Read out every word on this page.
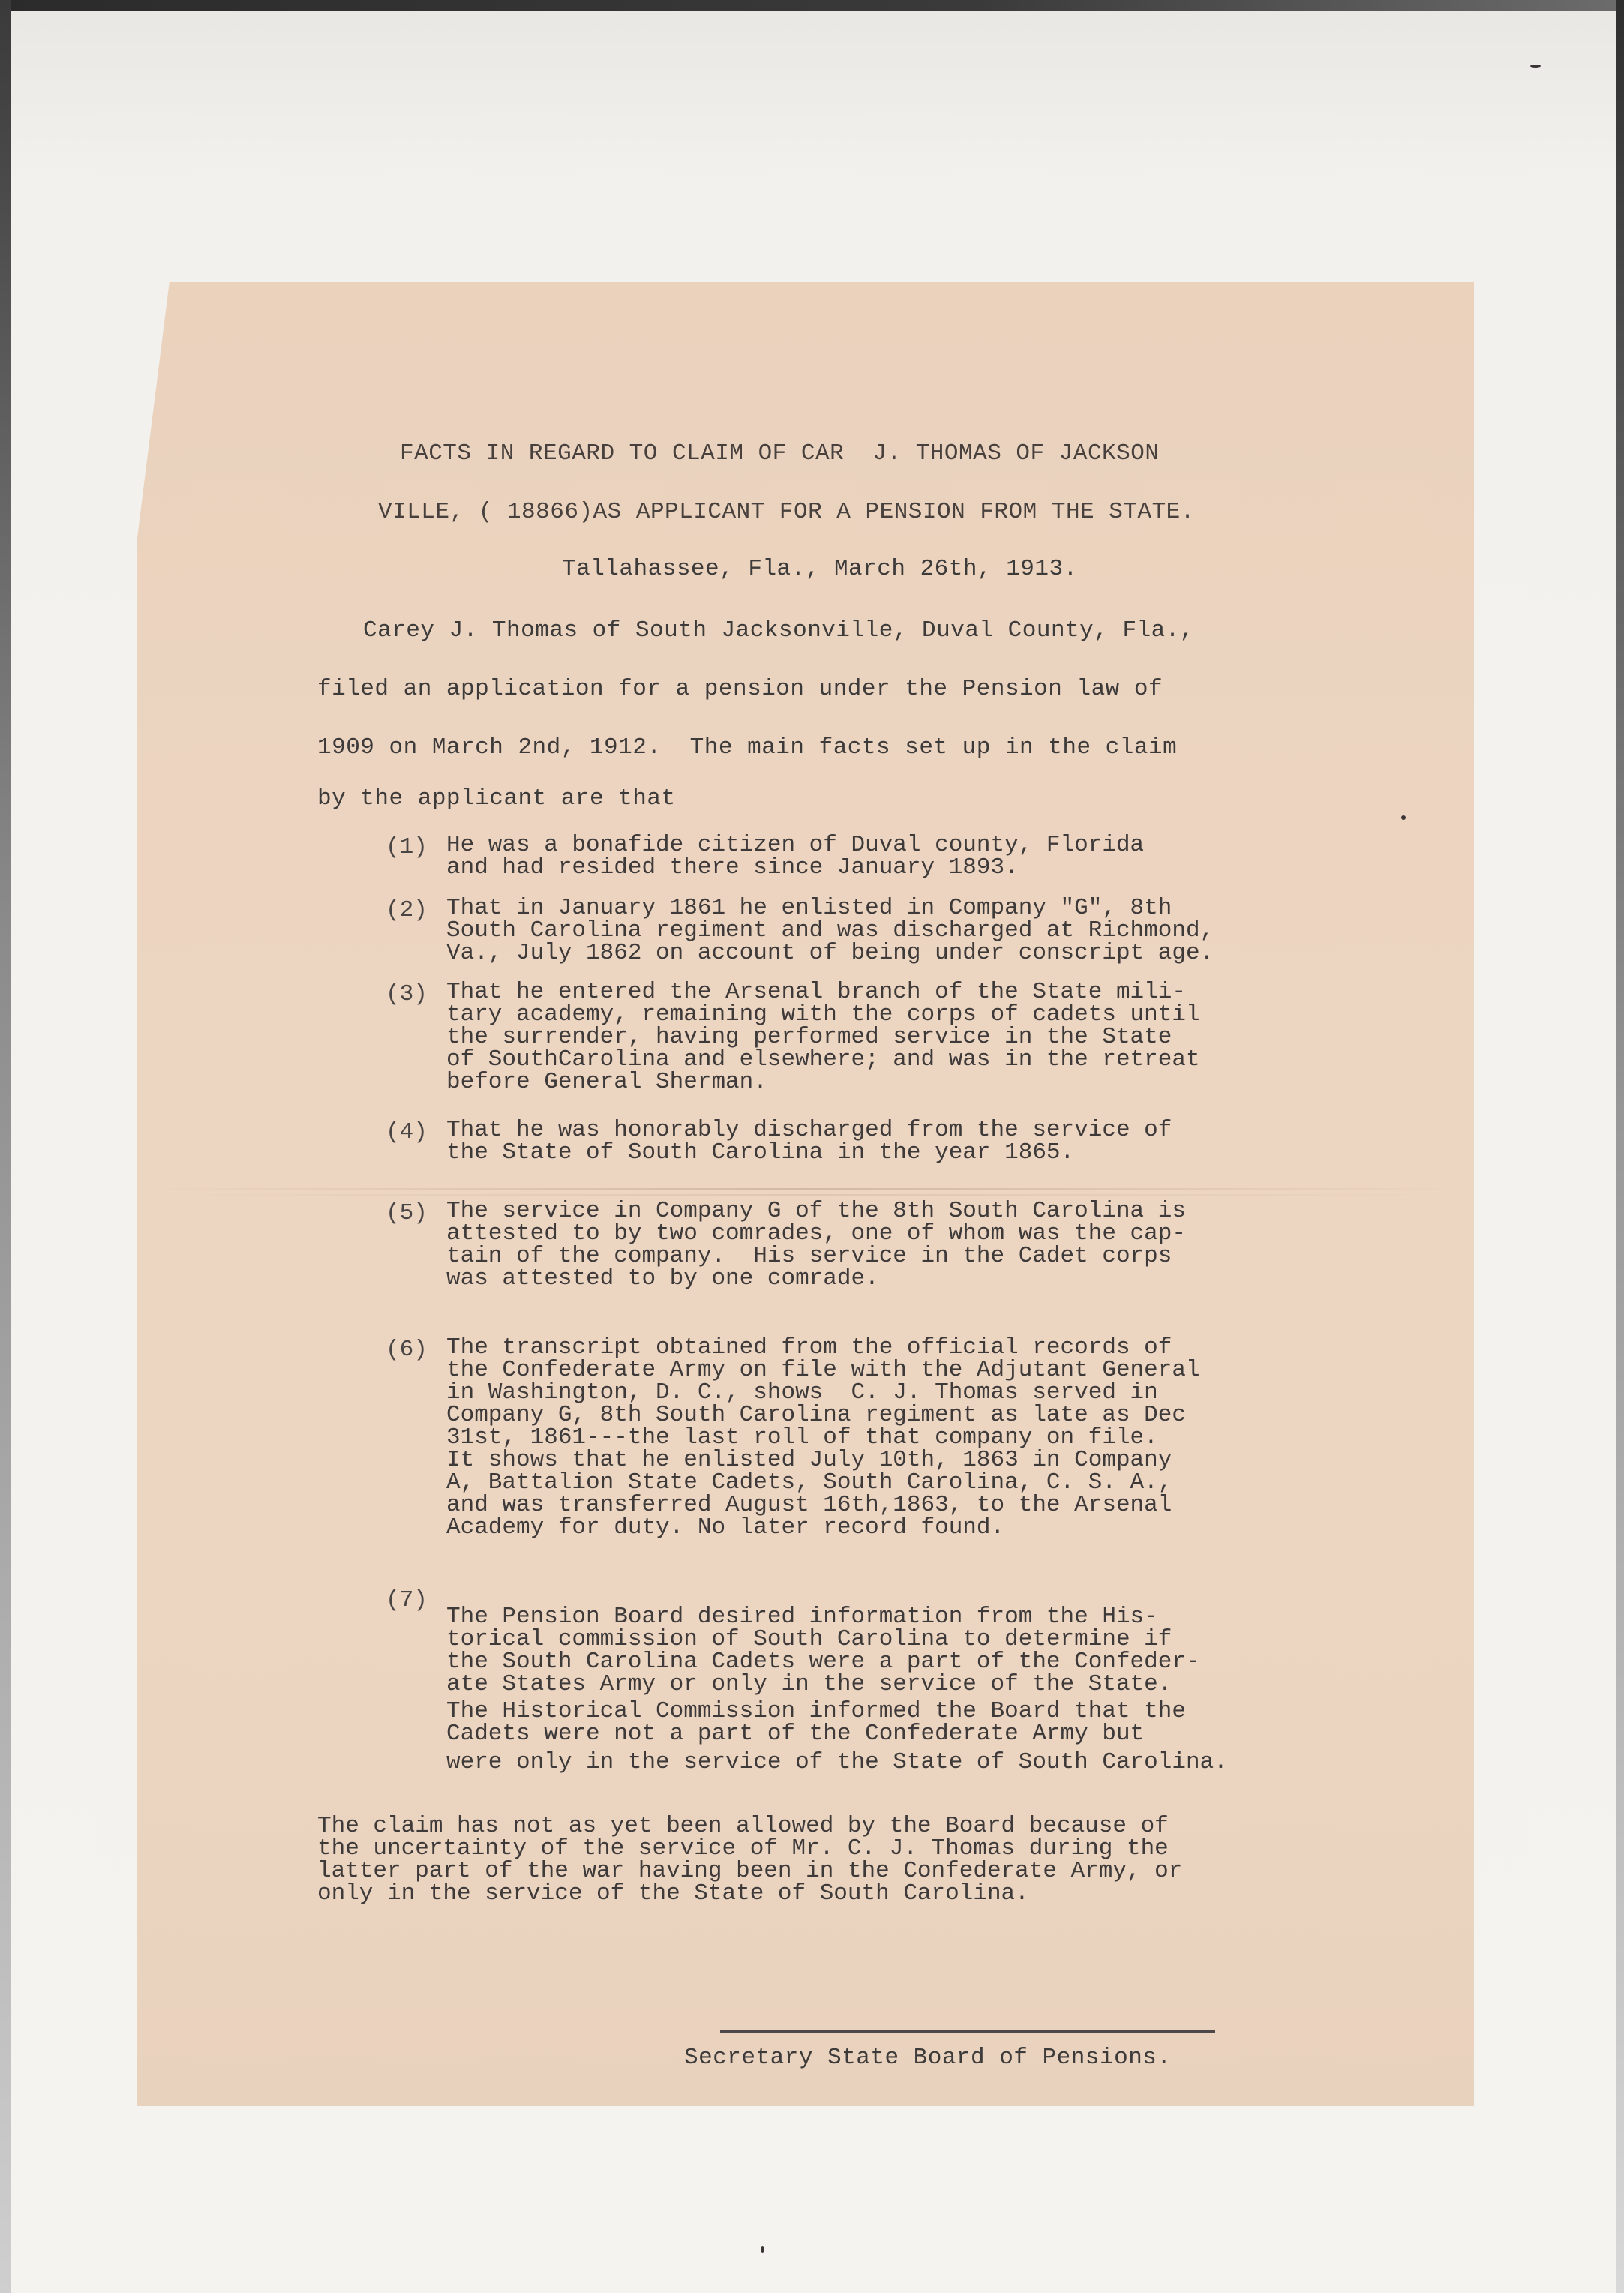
FACTS IN REGARD TO CLAIM OF CAR  J. THOMAS OF JACKSON
VILLE, ( 18866)AS APPLICANT FOR A PENSION FROM THE STATE.
Tallahassee, Fla., March 26th, 1913.
Carey J. Thomas of South Jacksonville, Duval County, Fla.,
filed an application for a pension under the Pension law of
1909 on March 2nd, 1912.  The main facts set up in the claim
by the applicant are that
(1) He was a bonafide citizen of Duval county, Florida
and had resided there since January 1893.
(2) That in January 1861 he enlisted in Company "G", 8th
South Carolina regiment and was discharged at Richmond,
Va., July 1862 on account of being under conscript age.
(3) That he entered the Arsenal branch of the State mili-
tary academy, remaining with the corps of cadets until
the surrender, having performed service in the State
of SouthCarolina and elsewhere; and was in the retreat
before General Sherman.
(4) That he was honorably discharged from the service of
the State of South Carolina in the year 1865.
(5) The service in Company G of the 8th South Carolina is
attested to by two comrades, one of whom was the cap-
tain of the company.  His service in the Cadet corps
was attested to by one comrade.
(6) The transcript obtained from the official records of
the Confederate Army on file with the Adjutant General
in Washington, D. C., shows  C. J. Thomas served in
Company G, 8th South Carolina regiment as late as Dec
31st, 1861---the last roll of that company on file.
It shows that he enlisted July 10th, 1863 in Company
A, Battalion State Cadets, South Carolina, C. S. A.,
and was transferred August 16th,1863, to the Arsenal
Academy for duty. No later record found.
(7)
The Pension Board desired information from the His-
torical commission of South Carolina to determine if
the South Carolina Cadets were a part of the Confeder-
ate States Army or only in the service of the State.
The Historical Commission informed the Board that the
Cadets were not a part of the Confederate Army but
were only in the service of the State of South Carolina.
The claim has not as yet been allowed by the Board because of
the uncertainty of the service of Mr. C. J. Thomas during the
latter part of the war having been in the Confederate Army, or
only in the service of the State of South Carolina.
Secretary State Board of Pensions.
